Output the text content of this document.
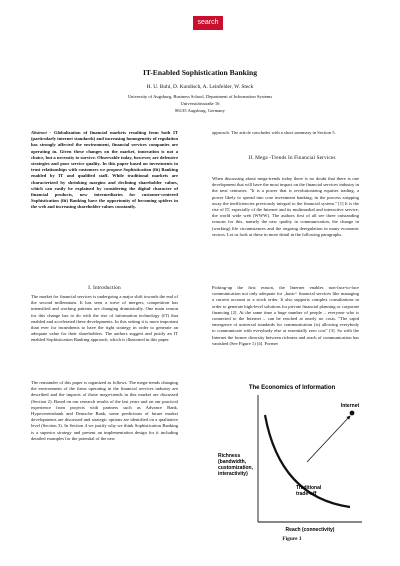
search
IT-Enabled Sophistication Banking
H. U. Buhl, D. Kundisch, A. Leinfelder, W. Steck
University of Augsburg, Business School, Department of Information Systems
Universitätsstraße 16
86135 Augsburg, Germany

Abstract - Globalization of financial markets resulting from both IT (particularly internet standards) and increasing homogeneity of regulation has strongly affected the environment, financial services companies are operating in. Given these changes on the market, innovation is not a choice, but a necessity to survive. Observable today, however, are defensive strategies and poor service quality. In this paper based on investments in trust relationships with customers we propose Sophistication (fit) Banking enabled by IT and qualified staff. While traditional markets are characterized by shrinking margins and declining shareholder values, which can easily be explained by considering the digital character of financial products, new intermediaries for customer-centered Sophistication (fit) Banking have the opportunity of becoming spiders in the web and increasing shareholder values constantly.

I. Introduction

The market for financial services is undergoing a major shift towards the end of the second millennium. It has seen a wave of mergers, competition has intensified and working patterns are changing dramatically. One main reason for this change has to do with the rise of information technology (IT) that enabled and accelerated these developments. In this setting it is more important than ever for incumbents to have the right strategy in order to generate an adequate value for their shareholders. The authors suggest and justify an IT enabled Sophistication Banking approach, which is illustrated in this paper.

The remainder of this paper is organized as follows. The mega-trends changing the environment of the firms operating in the financial services industry are described and the impacts of those mega-trends in this market are discussed (Section 2). Based on our research results of the last years and on our practical experience from projects with partners such as Advance Bank, Hypovereinsbank and Deutsche Bank, some predictions of future market developments are discussed and strategic options are identified on a qualitative level (Section 3). In Section 4 we justify why we think Sophistication Banking is a superior strategy and present an implementation design for it including detailed examples for the potential of the new

approach. The article concludes with a short summary in Section 5.

II. Mega -Trends In Financial Services

When discussing about mega-trends today there is no doubt that there is one development that will have the most impact on the financial services industry in the next centuries. "It is a power that is revolutionizing equities trading, a power likely to spread into core investment banking, in the process stripping away the inefficiencies previously integral to the financial system." [1] It is the rise of IT, especially of the Internet and its multimedial and interactive service, the world wide web (WWW). The authors first of all see three outstanding reasons for this, namely the new quality in communication, the change in (working) life circumstances and the ongoing deregulation in many economic sectors. Let us look at these in more detail in the following paragraphs.

Picking-up the first reason, the Internet enables non-face-to-face communication not only adequate for „basic“ financial services like managing a current account or a stock order. It also supports complex consultations in order to generate high-level solutions for private financial planning or corporate financing [2]. At the same time a huge number of people – everyone who is connected to the Internet – can be reached at nearly no costs. "The rapid emergence of universal standards for communication (is) allowing everybody to communicate with everybody else at essentially zero cost" [3]. So with the Internet the former diversity between richness and reach of communication has vanished (See Figure 1) [4]. Former

The Economics of Information
Internet
Richness (bandwidth, customization, interactivity)
Traditional trade-off
Reach (connectivity)
Figure 1
